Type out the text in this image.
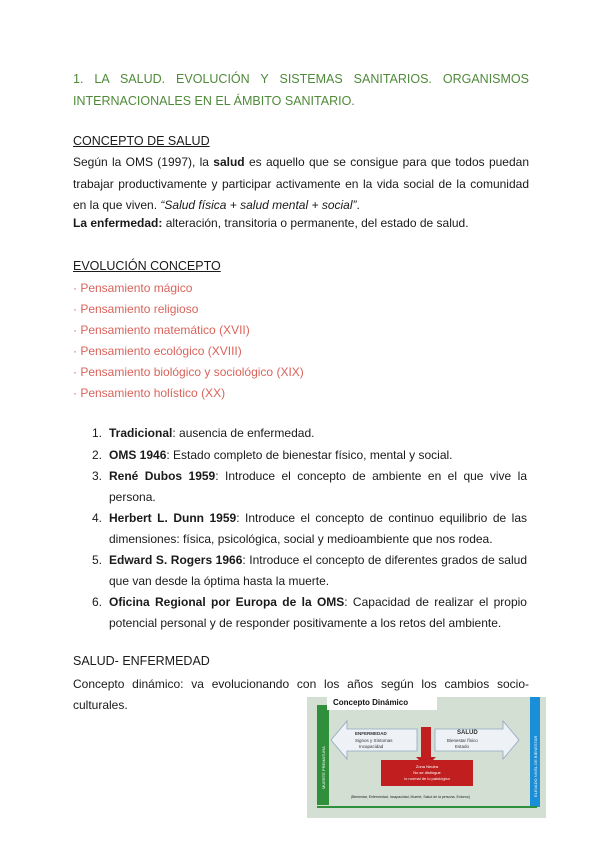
1. LA SALUD. EVOLUCIÓN Y SISTEMAS SANITARIOS. ORGANISMOS INTERNACIONALES EN EL ÁMBITO SANITARIO.
CONCEPTO DE SALUD
Según la OMS (1997), la salud es aquello que se consigue para que todos puedan trabajar productivamente y participar activamente en la vida social de la comunidad en la que viven. “Salud física + salud mental + social”.
La enfermedad: alteración, transitoria o permanente, del estado de salud.
EVOLUCIÓN CONCEPTO
· Pensamiento mágico
· Pensamiento religioso
· Pensamiento matemático (XVII)
· Pensamiento ecológico (XVIII)
· Pensamiento biológico y sociológico (XIX)
· Pensamiento holístico (XX)
1. Tradicional: ausencia de enfermedad.
2. OMS 1946: Estado completo de bienestar físico, mental y social.
3. René Dubos 1959: Introduce el concepto de ambiente en el que vive la persona.
4. Herbert L. Dunn 1959: Introduce el concepto de continuo equilibrio de las dimensiones: física, psicológica, social y medioambiente que nos rodea.
5. Edward S. Rogers 1966: Introduce el concepto de diferentes grados de salud que van desde la óptima hasta la muerte.
6. Oficina Regional por Europa de la OMS: Capacidad de realizar el propio potencial personal y de responder positivamente a los retos del ambiente.
SALUD- ENFERMEDAD
Concepto dinámico: va evolucionando con los años según los cambios socio-culturales.
MUERTE PREMATURA	ELEVADO NIVEL DE BIENESTAR
Concepto Dinámico
ENFERMEDAD
Signos y Síntomas
Incapacidad
SALUD
Bienestar físico
Estado
Zona Neutra
No se distingue
lo normal de lo patológico
(Bienestar, Enfermedad, Incapacidad, Muerte, Salud de la persona, Entorno)
